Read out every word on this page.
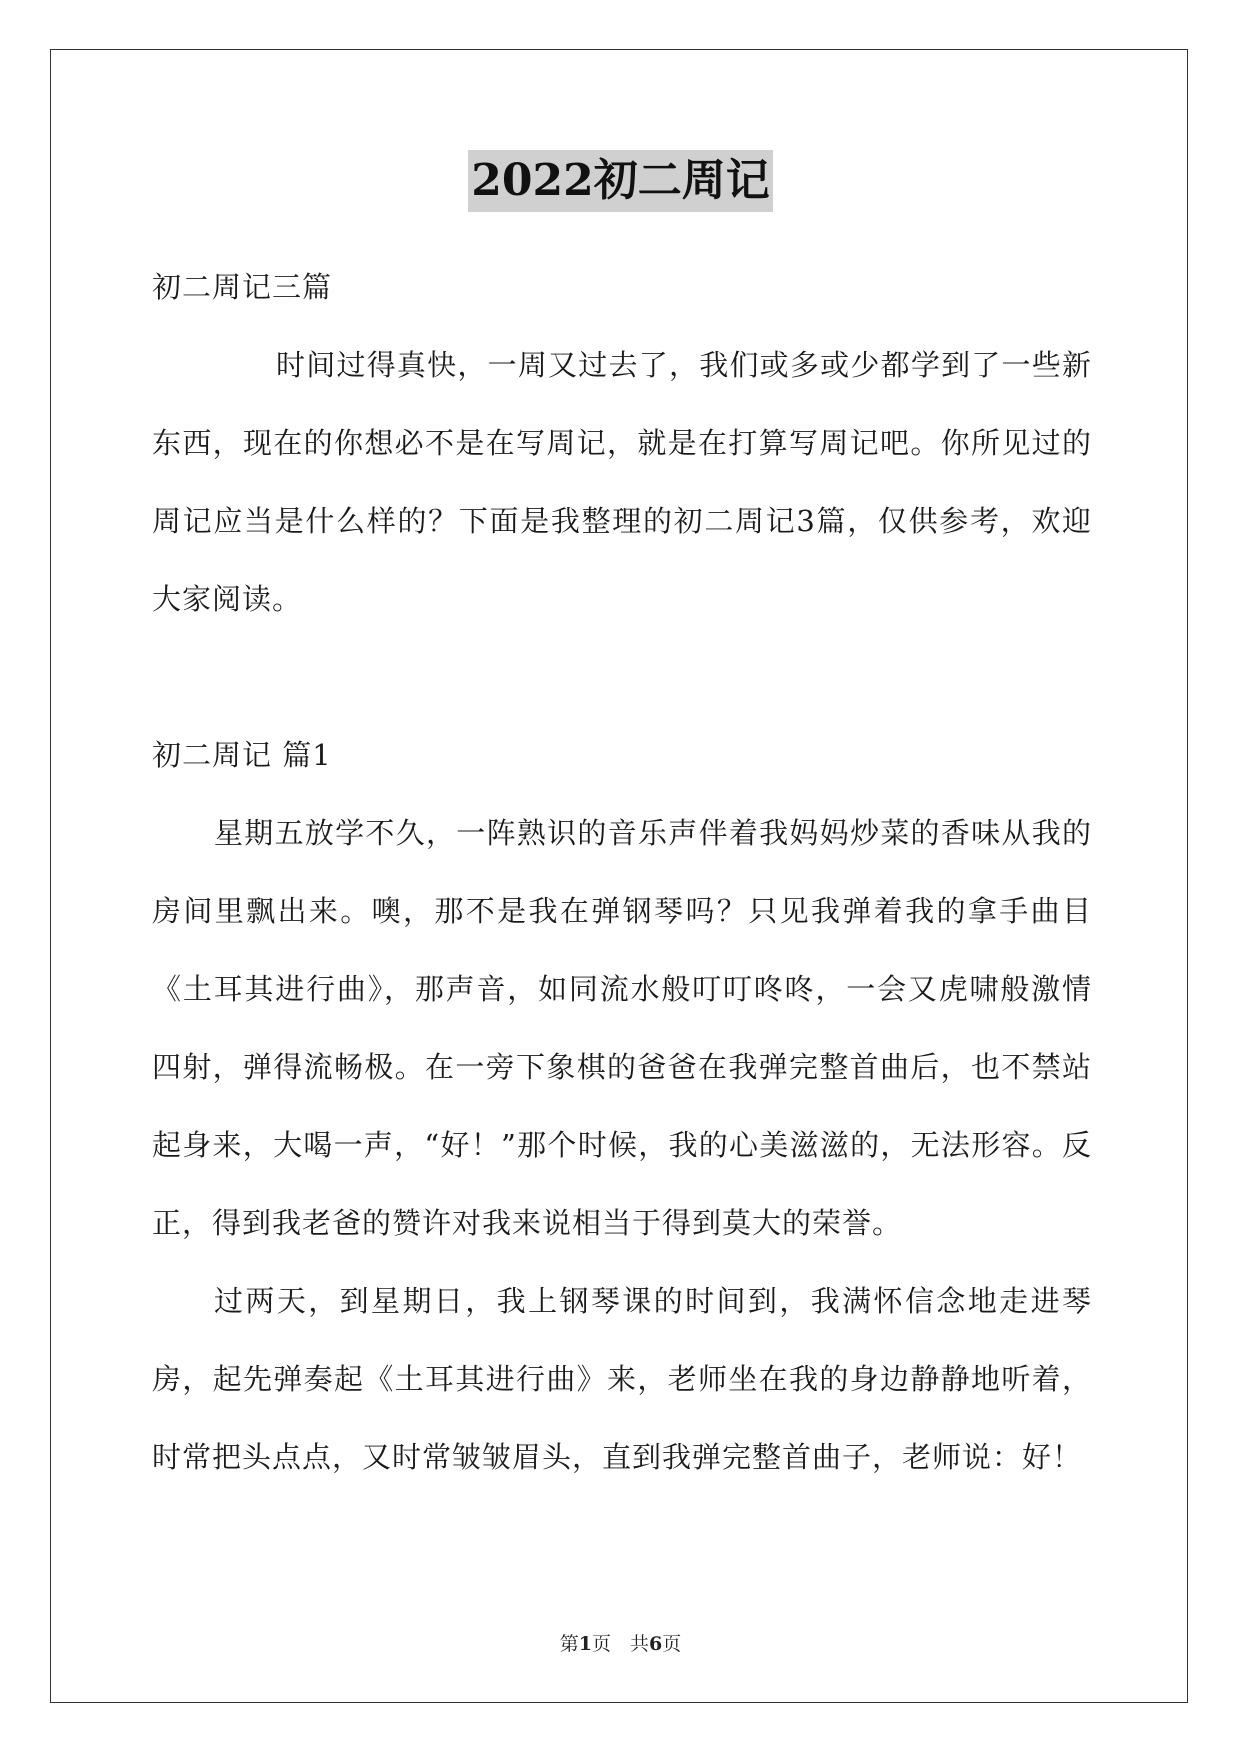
2022初二周记

初二周记三篇

时间过得真快，一周又过去了，我们或多或少都学到了一些新东西，现在的你想必不是在写周记，就是在打算写周记吧。你所见过的周记应当是什么样的？下面是我整理的初二周记3篇，仅供参考，欢迎大家阅读。

初二周记 篇1

星期五放学不久，一阵熟识的音乐声伴着我妈妈炒菜的香味从我的房间里飘出来。噢，那不是我在弹钢琴吗？只见我弹着我的拿手曲目《土耳其进行曲》，那声音，如同流水般叮叮咚咚，一会又虎啸般激情四射，弹得流畅极。在一旁下象棋的爸爸在我弹完整首曲后，也不禁站起身来，大喝一声，“好！”那个时候，我的心美滋滋的，无法形容。反正，得到我老爸的赞许对我来说相当于得到莫大的荣誉。

过两天，到星期日，我上钢琴课的时间到，我满怀信念地走进琴房，起先弹奏起《土耳其进行曲》来，老师坐在我的身边静静地听着，时常把头点点，又时常皱皱眉头，直到我弹完整首曲子，老师说：好！

第1页　共6页
